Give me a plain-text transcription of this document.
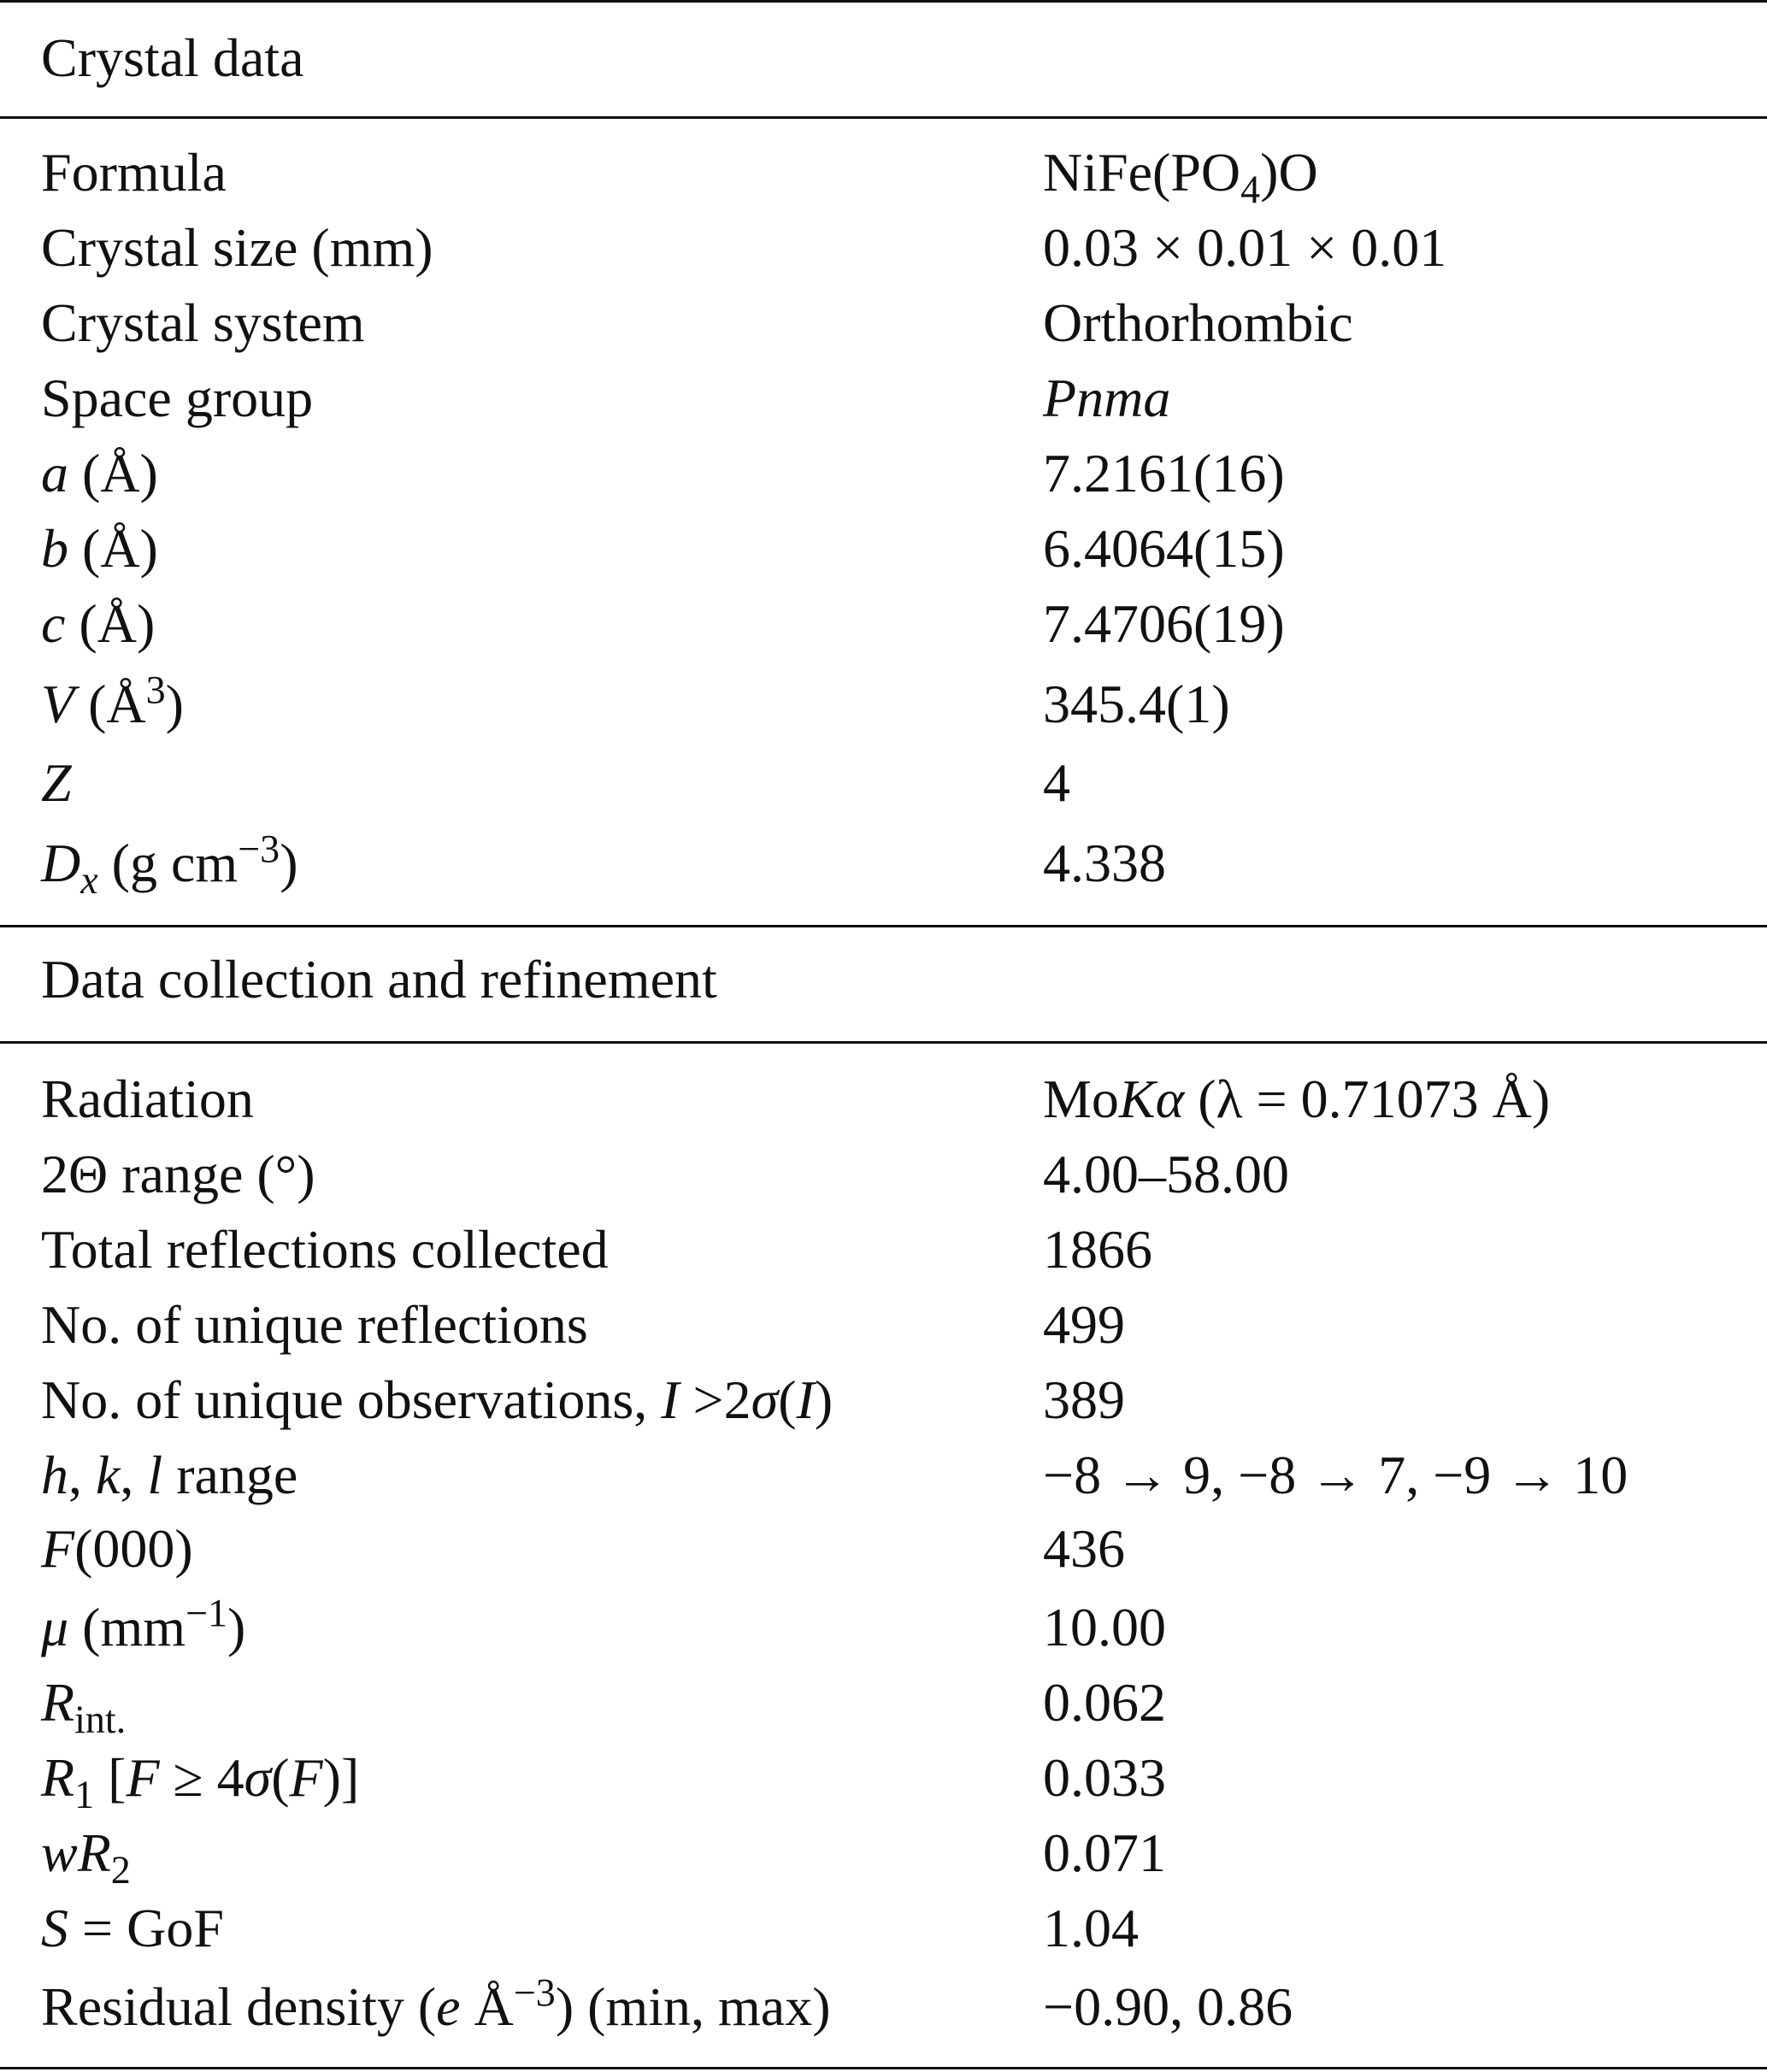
Crystal data
Formula	$NiFe(PO_4)O$
Crystal size (mm)	0.03 × 0.01 × 0.01
Crystal system	Orthorhombic
Space group	Pnma
a (Å)	7.2161(16)
b (Å)	6.4064(15)
c (Å)	7.4706(19)
V $(Å^3)$	345.4(1)
Z	4
$D_x$ (g $cm^{-3}$)	4.338
Data collection and refinement
Radiation	MoKα (λ = 0.71073 Å)
2Θ range (°)	4.00–58.00
Total reflections collected	1866
No. of unique reflections	499
No. of unique observations, I >2σ(I)	389
h, k, l range	−8 → 9, −8 → 7, −9 → 10
F(000)	436
μ $(mm^{-1})$	10.00
$R_{int.}$	0.062
$R_1$ [F ≥ 4σ(F)]	0.033
$wR_2$	0.071
S = GoF	1.04
Residual density (e $Å^{-3}$) (min, max)	−0.90, 0.86
